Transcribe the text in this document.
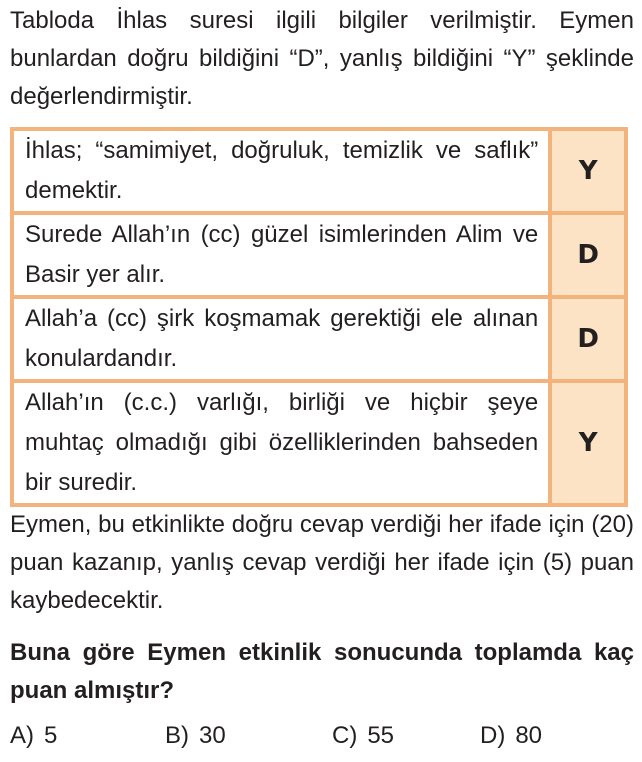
Tabloda İhlas suresi ilgili bilgiler verilmiştir. Eymen bunlardan doğru bildiğini “D”, yanlış bildiğini “Y” şeklinde değerlendirmiştir.

İhlas; “samimiyet, doğruluk, temizlik ve saflık” demektir.	Y
Surede Allah’ın (cc) güzel isimlerinden Alim ve Basir yer alır.	D
Allah’a (cc) şirk koşmamak gerektiği ele alınan konulardandır.	D
Allah’ın (c.c.) varlığı, birliği ve hiçbir şeye muhtaç olmadığı gibi özelliklerinden bahseden bir suredir.	Y

Eymen, bu etkinlikte doğru cevap verdiği her ifade için (20) puan kazanıp, yanlış cevap verdiği her ifade için (5) puan kaybedecektir.

Buna göre Eymen etkinlik sonucunda toplamda kaç puan almıştır?

A) 5	B) 30	C) 55	D) 80
